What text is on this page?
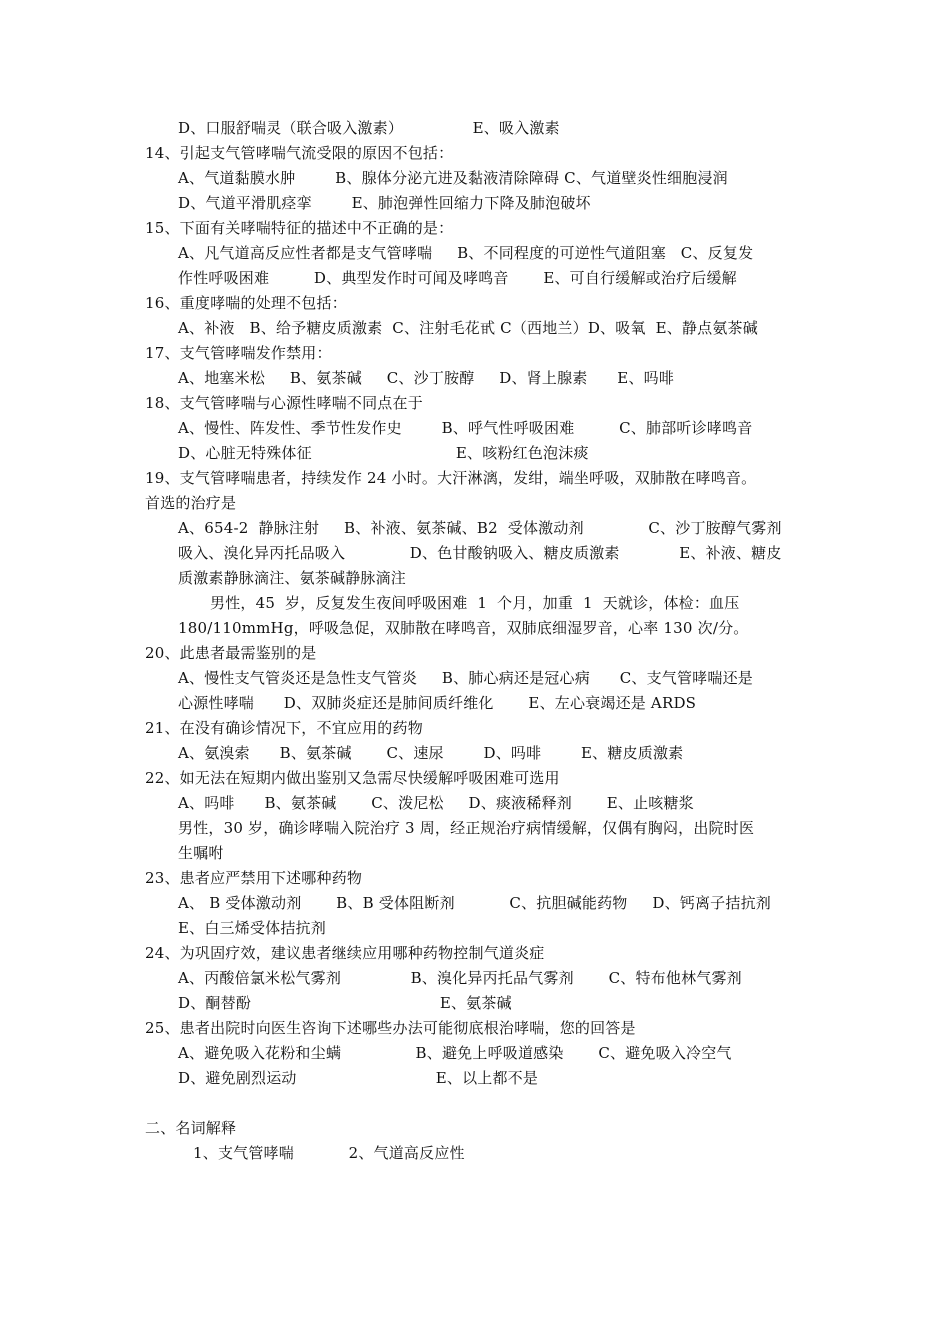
D、口服舒喘灵（联合吸入激素）              E、吸入激素
14、引起支气管哮喘气流受限的原因不包括：
A、气道黏膜水肿        B、腺体分泌亢进及黏液清除障碍 C、气道壁炎性细胞浸润
D、气道平滑肌痉挛        E、肺泡弹性回缩力下降及肺泡破坏
15、下面有关哮喘特征的描述中不正确的是：
A、凡气道高反应性者都是支气管哮喘     B、不同程度的可逆性气道阻塞   C、反复发
作性呼吸困难         D、典型发作时可闻及哮鸣音       E、可自行缓解或治疗后缓解
16、重度哮喘的处理不包括：
A、补液   B、给予糖皮质激素  C、注射毛花甙 C（西地兰）D、吸氧  E、静点氨茶碱
17、支气管哮喘发作禁用：
A、地塞米松     B、氨茶碱     C、沙丁胺醇     D、肾上腺素      E、吗啡
18、支气管哮喘与心源性哮喘不同点在于
A、慢性、阵发性、季节性发作史        B、呼气性呼吸困难         C、肺部听诊哮鸣音
D、心脏无特殊体征                             E、咳粉红色泡沫痰
19、支气管哮喘患者，持续发作 24 小时。大汗淋漓，发绀，端坐呼吸，双肺散在哮鸣音。
首选的治疗是
A、654-2  静脉注射     B、补液、氨茶碱、B2  受体激动剂             C、沙丁胺醇气雾剂
吸入、溴化异丙托品吸入             D、色甘酸钠吸入、糖皮质激素            E、补液、糖皮
质激素静脉滴注、氨茶碱静脉滴注
男性，45  岁，反复发生夜间呼吸困难  1  个月，加重  1  天就诊，体检：血压
180/110mmHg，呼吸急促，双肺散在哮鸣音，双肺底细湿罗音，心率 130 次/分。
20、此患者最需鉴别的是
A、慢性支气管炎还是急性支气管炎     B、肺心病还是冠心病      C、支气管哮喘还是
心源性哮喘      D、双肺炎症还是肺间质纤维化       E、左心衰竭还是 ARDS
21、在没有确诊情况下，不宜应用的药物
A、氨溴索      B、氨茶碱       C、速尿        D、吗啡        E、糖皮质激素
22、如无法在短期内做出鉴别又急需尽快缓解呼吸困难可选用
A、吗啡      B、氨茶碱       C、泼尼松     D、痰液稀释剂       E、止咳糖浆
男性，30 岁，确诊哮喘入院治疗 3 周，经正规治疗病情缓解，仅偶有胸闷，出院时医
生嘱咐
23、患者应严禁用下述哪种药物
A、 B 受体激动剂       B、B 受体阻断剂           C、抗胆碱能药物     D、钙离子拮抗剂
E、白三烯受体拮抗剂
24、为巩固疗效，建议患者继续应用哪种药物控制气道炎症
A、丙酸倍氯米松气雾剂              B、溴化异丙托品气雾剂       C、特布他林气雾剂
D、酮替酚                                      E、氨茶碱
25、患者出院时向医生咨询下述哪些办法可能彻底根治哮喘，您的回答是
A、避免吸入花粉和尘螨               B、避免上呼吸道感染       C、避免吸入冷空气
D、避免剧烈运动                            E、以上都不是
二、名词解释
1、支气管哮喘           2、气道高反应性
